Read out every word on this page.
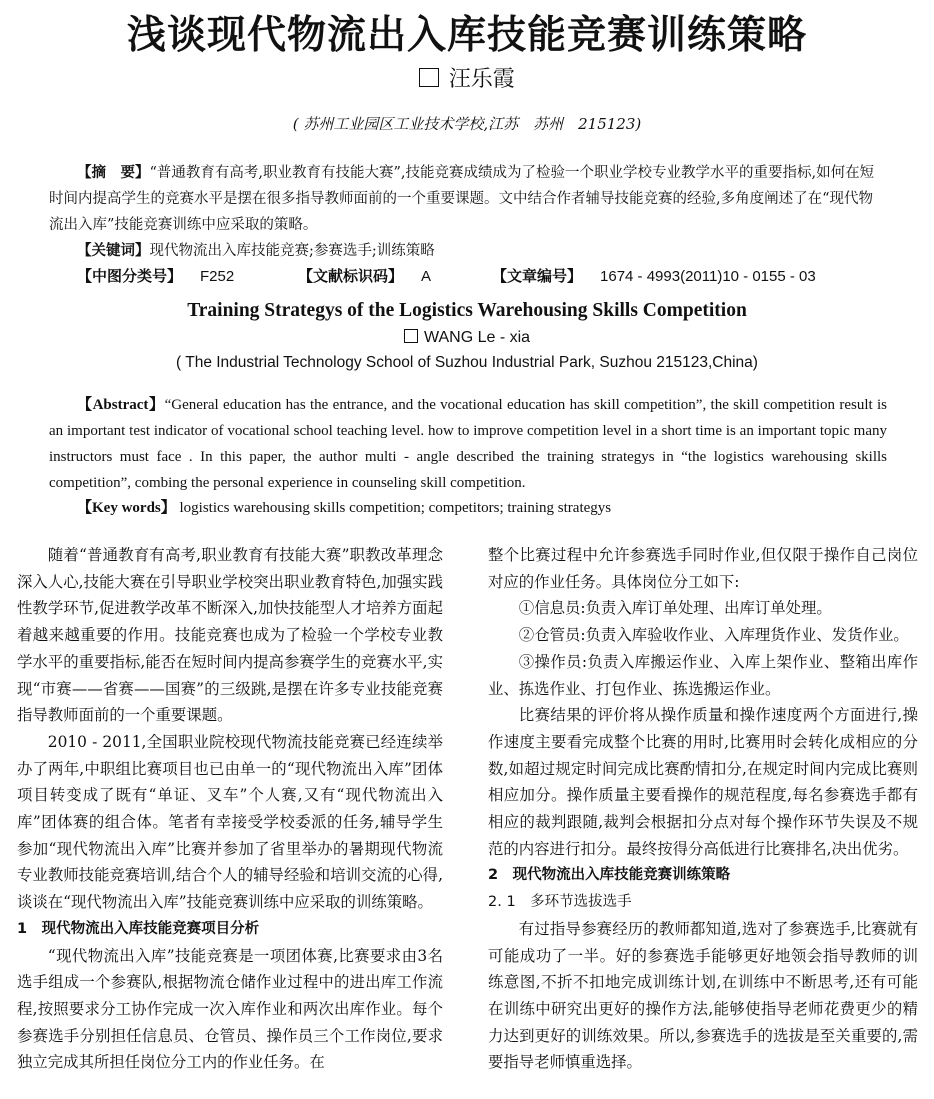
浅谈现代物流出入库技能竞赛训练策略
汪乐霞
( 苏州工业园区工业技术学校,江苏　苏州　215123)

【摘　要】“普通教育有高考,职业教育有技能大赛”,技能竞赛成绩成为了检验一个职业学校专业教学水平的重要指标,如何在短时间内提高学生的竞赛水平是摆在很多指导教师面前的一个重要课题。文中结合作者辅导技能竞赛的经验,多角度阐述了在“现代物流出入库”技能竞赛训练中应采取的策略。

【关键词】现代物流出入库技能竞赛;参赛选手;训练策略

【中图分类号】 F252	【文献标识码】 A	【文章编号】 1674 - 4993(2011)10 - 0155 - 03
Training Strategys of the Logistics Warehousing Skills Competition
WANG Le - xia
( The Industrial Technology School of Suzhou Industrial Park, Suzhou 215123,China)

【Abstract】“General education has the entrance, and the vocational education has skill competition”, the skill competition result is an important test indicator of vocational school teaching level. how to improve competition level in a short time is an important topic many instructors must face . In this paper, the author multi - angle described the training strategys in “the logistics warehousing skills competition”, combing the personal experience in counseling skill competition.

【Key words】 logistics warehousing skills competition; competitors; training strategys

随着“普通教育有高考,职业教育有技能大赛”职教改革理念深入人心,技能大赛在引导职业学校突出职业教育特色,加强实践性教学环节,促进教学改革不断深入,加快技能型人才培养方面起着越来越重要的作用。技能竞赛也成为了检验一个学校专业教学水平的重要指标,能否在短时间内提高参赛学生的竞赛水平,实现“市赛——省赛——国赛”的三级跳,是摆在许多专业技能竞赛指导教师面前的一个重要课题。

2010 - 2011,全国职业院校现代物流技能竞赛已经连续举办了两年,中职组比赛项目也已由单一的“现代物流出入库”团体项目转变成了既有“单证、叉车”个人赛,又有“现代物流出入库”团体赛的组合体。笔者有幸接受学校委派的任务,辅导学生参加“现代物流出入库”比赛并参加了省里举办的暑期现代物流专业教师技能竞赛培训,结合个人的辅导经验和培训交流的心得,谈谈在“现代物流出入库”技能竞赛训练中应采取的训练策略。

1　现代物流出入库技能竞赛项目分析

“现代物流出入库”技能竞赛是一项团体赛,比赛要求由3名选手组成一个参赛队,根据物流仓储作业过程中的进出库工作流程,按照要求分工协作完成一次入库作业和两次出库作业。每个参赛选手分别担任信息员、仓管员、操作员三个工作岗位,要求独立完成其所担任岗位分工内的作业任务。在

整个比赛过程中允许参赛选手同时作业,但仅限于操作自己岗位对应的作业任务。具体岗位分工如下:

①信息员:负责入库订单处理、出库订单处理。

②仓管员:负责入库验收作业、入库理货作业、发货作业。

③操作员:负责入库搬运作业、入库上架作业、整箱出库作业、拣选作业、打包作业、拣选搬运作业。

比赛结果的评价将从操作质量和操作速度两个方面进行,操作速度主要看完成整个比赛的用时,比赛用时会转化成相应的分数,如超过规定时间完成比赛酌情扣分,在规定时间内完成比赛则相应加分。操作质量主要看操作的规范程度,每名参赛选手都有相应的裁判跟随,裁判会根据扣分点对每个操作环节失误及不规范的内容进行扣分。最终按得分高低进行比赛排名,决出优劣。

2　现代物流出入库技能竞赛训练策略
2. 1　多环节选拔选手

有过指导参赛经历的教师都知道,选对了参赛选手,比赛就有可能成功了一半。好的参赛选手能够更好地领会指导教师的训练意图,不折不扣地完成训练计划,在训练中不断思考,还有可能在训练中研究出更好的操作方法,能够使指导老师花费更少的精力达到更好的训练效果。所以,参赛选手的选拔是至关重要的,需要指导老师慎重选择。
